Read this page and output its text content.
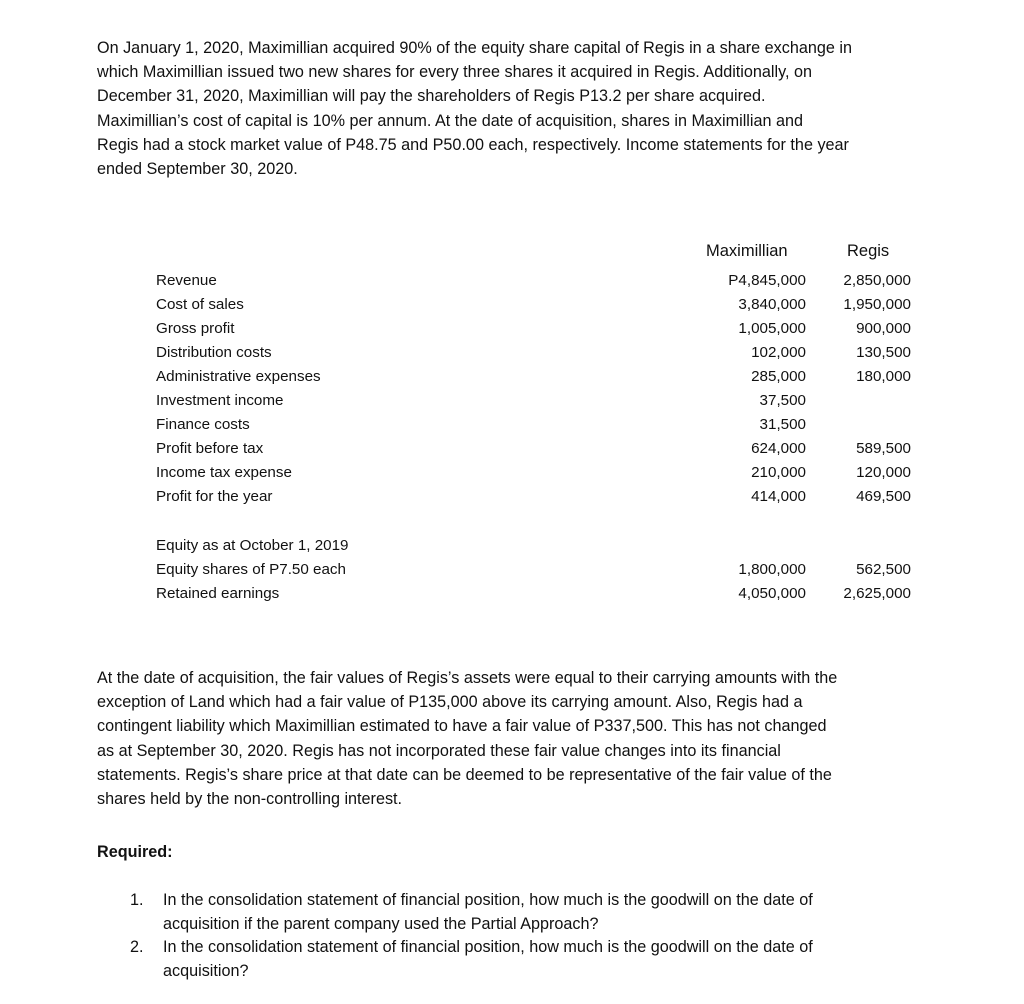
On January 1, 2020, Maximillian acquired 90% of the equity share capital of Regis in a share exchange in
which Maximillian issued two new shares for every three shares it acquired in Regis. Additionally, on
December 31, 2020, Maximillian will pay the shareholders of Regis P13.2 per share acquired.
Maximillian’s cost of capital is 10% per annum. At the date of acquisition, shares in Maximillian and
Regis had a stock market value of P48.75 and P50.00 each, respectively. Income statements for the year
ended September 30, 2020.

Maximillian	Regis
Revenue	P4,845,000 2,850,000
Cost of sales	3,840,000 1,950,000
Gross profit	1,005,000	900,000
Distribution costs	102,000	130,500
Administrative expenses	285,000	180,000
Investment income	37,500
Finance costs	31,500
Profit before tax	624,000	589,500
Income tax expense	210,000	120,000
Profit for the year	414,000	469,500
Equity as at October 1, 2019
Equity shares of P7.50 each	1,800,000	562,500
Retained earnings	4,050,000 2,625,000

At the date of acquisition, the fair values of Regis’s assets were equal to their carrying amounts with the
exception of Land which had a fair value of P135,000 above its carrying amount. Also, Regis had a
contingent liability which Maximillian estimated to have a fair value of P337,500. This has not changed
as at September 30, 2020. Regis has not incorporated these fair value changes into its financial
statements. Regis’s share price at that date can be deemed to be representative of the fair value of the
shares held by the non-controlling interest.

Required:
1. In the consolidation statement of financial position, how much is the goodwill on the date of
acquisition if the parent company used the Partial Approach?
2. In the consolidation statement of financial position, how much is the goodwill on the date of
acquisition?
